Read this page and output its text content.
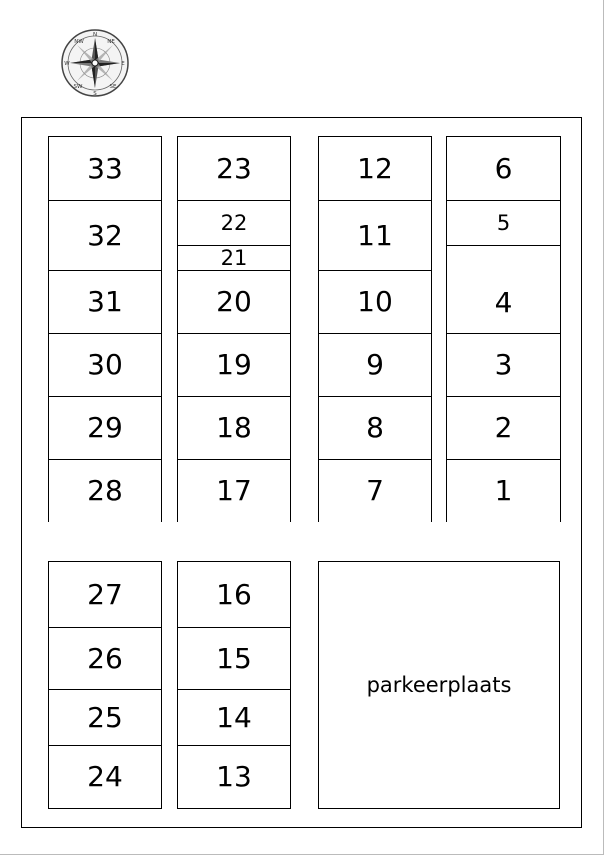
N
NE
E
SE
S
SW
W
NW
33
32
31
30
29
28
23
22
21
20
19
18
17
12
11
10
9
8
7
6
5
4
3
2
1
27
26
25
24
16
15
14
13
parkeerplaats
